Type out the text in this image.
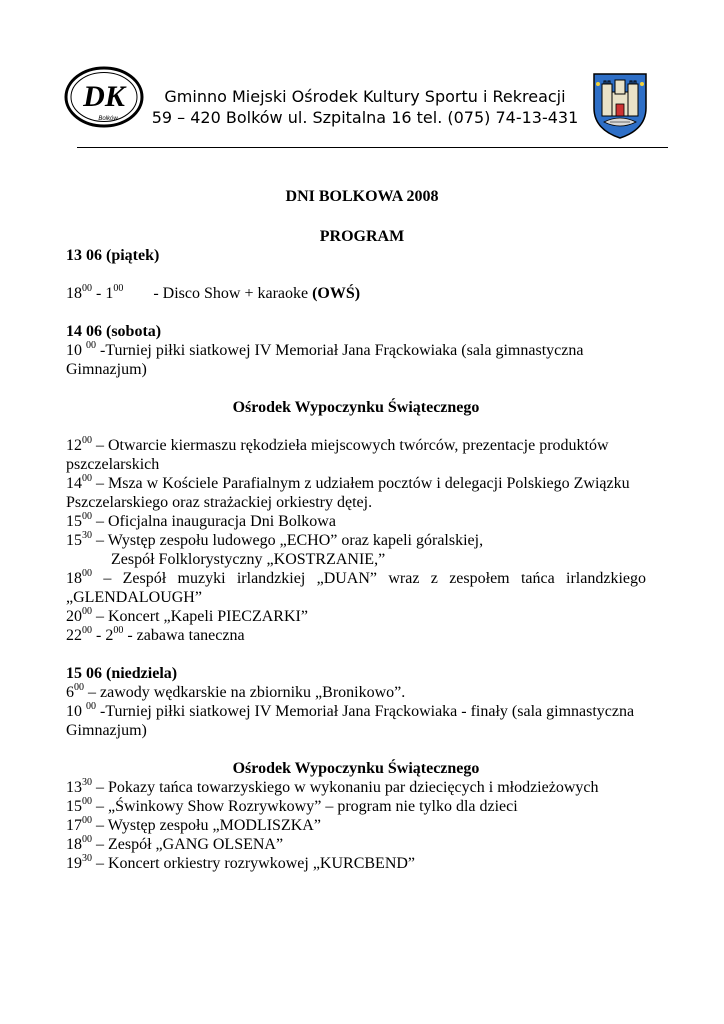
DK
Bolków
Gminno Miejski Ośrodek Kultury Sportu i Rekreacji
59 – 420 Bolków ul. Szpitalna 16 tel. (075) 74-13-431
DNI BOLKOWA 2008
PROGRAM

13 06 (piątek)

$18^{00} - 1^{00}$ - Disco Show + karaoke (OWŚ)

14 06 (sobota)

10 $^{00}$ -Turniej piłki siatkowej IV Memoriał Jana Frąckowiaka (sala gimnastyczna Gimnazjum)

Ośrodek Wypoczynku Świątecznego

$12^{00}$ – Otwarcie kiermaszu rękodzieła miejscowych twórców, prezentacje produktów pszczelarskich

$14^{00}$ – Msza w Kościele Parafialnym z udziałem pocztów i delegacji Polskiego Związku Pszczelarskiego oraz strażackiej orkiestry dętej.

$15^{00}$ – Oficjalna inauguracja Dni Bolkowa

$15^{30}$ – Występ zespołu ludowego „ECHO” oraz kapeli góralskiej,

Zespół Folklorystyczny „KOSTRZANIE,”

$18^{00}$ – Zespół muzyki irlandzkiej „DUAN” wraz z zespołem tańca irlandzkiego „GLENDALOUGH”

$20^{00}$ – Koncert „Kapeli PIECZARKI”

$22^{00} - 2^{00}$ - zabawa taneczna

15 06 (niedziela)

$6^{00}$ – zawody wędkarskie na zbiorniku „Bronikowo”.

10 $^{00}$ -Turniej piłki siatkowej IV Memoriał Jana Frąckowiaka - finały (sala gimnastyczna Gimnazjum)

Ośrodek Wypoczynku Świątecznego

$13^{30}$ – Pokazy tańca towarzyskiego w wykonaniu par dziecięcych i młodzieżowych

$15^{00}$ – „Świnkowy Show Rozrywkowy” – program nie tylko dla dzieci

$17^{00}$ – Występ zespołu „MODLISZKA”

$18^{00}$ – Zespół „GANG OLSENA”

$19^{30}$ – Koncert orkiestry rozrywkowej „KURCBEND”
